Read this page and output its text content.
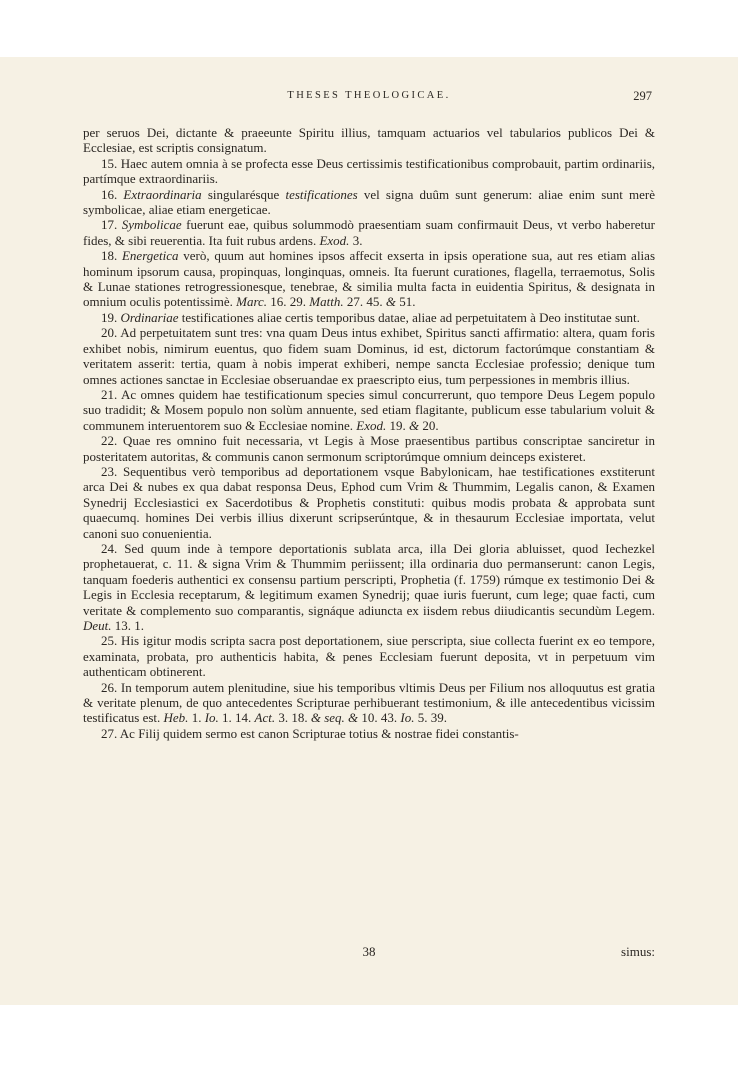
THESES THEOLOGICAE.	297

per seruos Dei, dictante & praeeunte Spiritu illius, tamquam actuarios vel tabularios publicos Dei & Ecclesiae, est scriptis consignatum.

15. Haec autem omnia à se profecta esse Deus certissimis testificationibus comprobauit, partim ordinariis, partímque extraordinariis.

16. Extraordinaria singularésque testificationes vel signa duûm sunt generum: aliae enim sunt merè symbolicae, aliae etiam energeticae.

17. Symbolicae fuerunt eae, quibus solummodò praesentiam suam confirmauit Deus, vt verbo haberetur fides, & sibi reuerentia. Ita fuit rubus ardens. Exod. 3.

18. Energetica verò, quum aut homines ipsos affecit exserta in ipsis operatione sua, aut res etiam alias hominum ipsorum causa, propinquas, longinquas, omneis. Ita fuerunt curationes, flagella, terraemotus, Solis & Lunae stationes retrogressionesque, tenebrae, & similia multa facta in euidentia Spiritus, & designata in omnium oculis potentissimè. Marc. 16. 29. Matth. 27. 45. & 51.

19. Ordinariae testificationes aliae certis temporibus datae, aliae ad perpetuitatem à Deo institutae sunt.

20. Ad perpetuitatem sunt tres: vna quam Deus intus exhibet, Spiritus sancti affirmatio: altera, quam foris exhibet nobis, nimirum euentus, quo fidem suam Dominus, id est, dictorum factorúmque constantiam & veritatem asserit: tertia, quam à nobis imperat exhiberi, nempe sancta Ecclesiae professio; denique tum omnes actiones sanctae in Ecclesiae obseruandae ex praescripto eius, tum perpessiones in membris illius.

21. Ac omnes quidem hae testificationum species simul concurrerunt, quo tempore Deus Legem populo suo tradidit; & Mosem populo non solùm annuente, sed etiam flagitante, publicum esse tabularium voluit & communem interuentorem suo & Ecclesiae nomine. Exod. 19. & 20.

22. Quae res omnino fuit necessaria, vt Legis à Mose praesentibus partibus conscriptae sanciretur in posteritatem autoritas, & communis canon sermonum scriptorúmque omnium deinceps existeret.

23. Sequentibus verò temporibus ad deportationem vsque Babylonicam, hae testificationes exstiterunt arca Dei & nubes ex qua dabat responsa Deus, Ephod cum Vrim & Thummim, Legalis canon, & Examen Synedrij Ecclesiastici ex Sacerdotibus & Prophetis constituti: quibus modis probata & approbata sunt quaecumq. homines Dei verbis illius dixerunt scripserúntque, & in thesaurum Ecclesiae importata, velut canoni suo conuenientia.

24. Sed quum inde à tempore deportationis sublata arca, illa Dei gloria abluisset, quod Iechezkel prophetauerat, c. 11. & signa Vrim & Thummim periissent; illa ordinaria duo permanserunt: canon Legis, tanquam foederis authentici ex consensu partium perscripti, Prophetia (f. 1759) rúmque ex testimonio Dei & Legis in Ecclesia receptarum, & legitimum examen Synedrij; quae iuris fuerunt, cum lege; quae facti, cum veritate & complemento suo comparantis, signáque adiuncta ex iisdem rebus diiudicantis secundùm Legem. Deut. 13. 1.

25. His igitur modis scripta sacra post deportationem, siue perscripta, siue collecta fuerint ex eo tempore, examinata, probata, pro authenticis habita, & penes Ecclesiam fuerunt deposita, vt in perpetuum vim authenticam obtinerent.

26. In temporum autem plenitudine, siue his temporibus vltimis Deus per Filium nos alloquutus est gratia & veritate plenum, de quo antecedentes Scripturae perhibuerant testimonium, & ille antecedentibus vicissim testificatus est. Heb. 1. Io. 1. 14. Act. 3. 18. & seq. & 10. 43. Io. 5. 39.

27. Ac Filij quidem sermo est canon Scripturae totius & nostrae fidei constantis-

38	simus:
